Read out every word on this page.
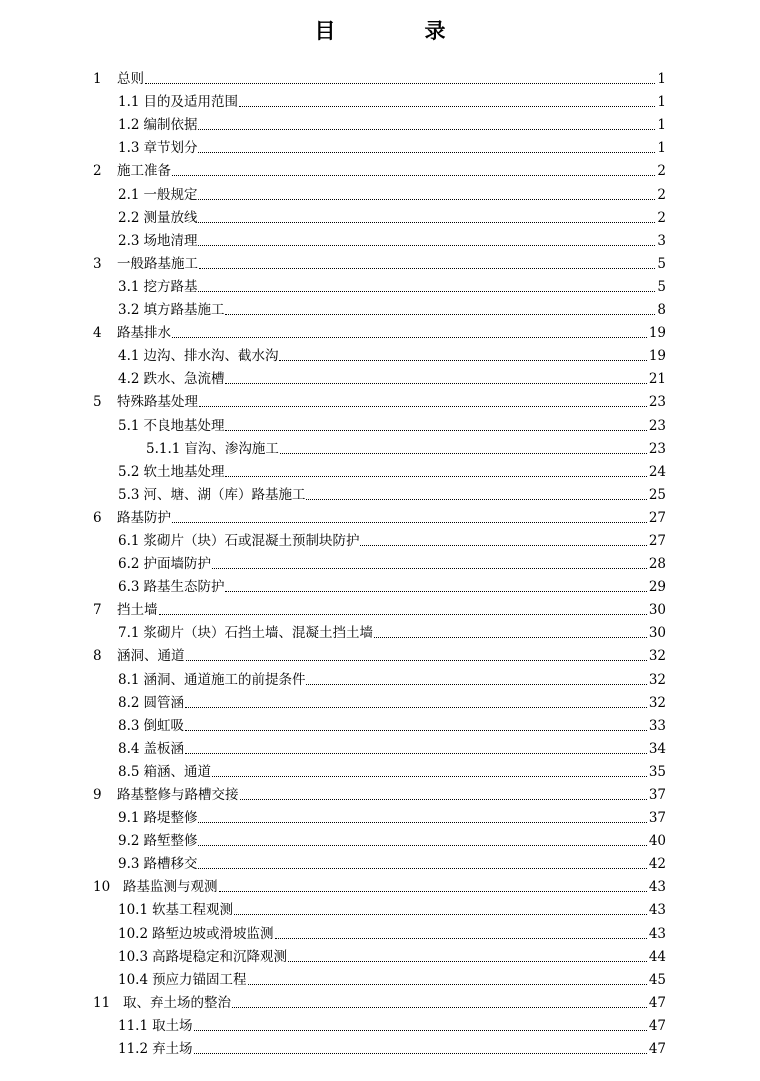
目　录
1	总则	1
1.1 目的及适用范围	1
1.2 编制依据	1
1.3 章节划分	1
2	施工准备	2
2.1 一般规定	2
2.2 测量放线	2
2.3 场地清理	3
3	一般路基施工	5
3.1 挖方路基	5
3.2 填方路基施工	8
4	路基排水	19
4.1 边沟、排水沟、截水沟	19
4.2 跌水、急流槽	21
5	特殊路基处理	23
5.1 不良地基处理	23
5.1.1 盲沟、渗沟施工	23
5.2 软土地基处理	24
5.3 河、塘、湖（库）路基施工	25
6	路基防护	27
6.1 浆砌片（块）石或混凝土预制块防护	27
6.2 护面墙防护	28
6.3 路基生态防护	29
7	挡土墙	30
7.1 浆砌片（块）石挡土墙、混凝土挡土墙	30
8	涵洞、通道	32
8.1 涵洞、通道施工的前提条件	32
8.2 圆管涵	32
8.3 倒虹吸	33
8.4 盖板涵	34
8.5 箱涵、通道	35
9	路基整修与路槽交接	37
9.1 路堤整修	37
9.2 路堑整修	40
9.3 路槽移交	42
10 路基监测与观测	43
10.1 软基工程观测	43
10.2 路堑边坡或滑坡监测	43
10.3 高路堤稳定和沉降观测	44
10.4 预应力锚固工程	45
11 取、弃土场的整治	47
11.1 取土场	47
11.2 弃土场	47
